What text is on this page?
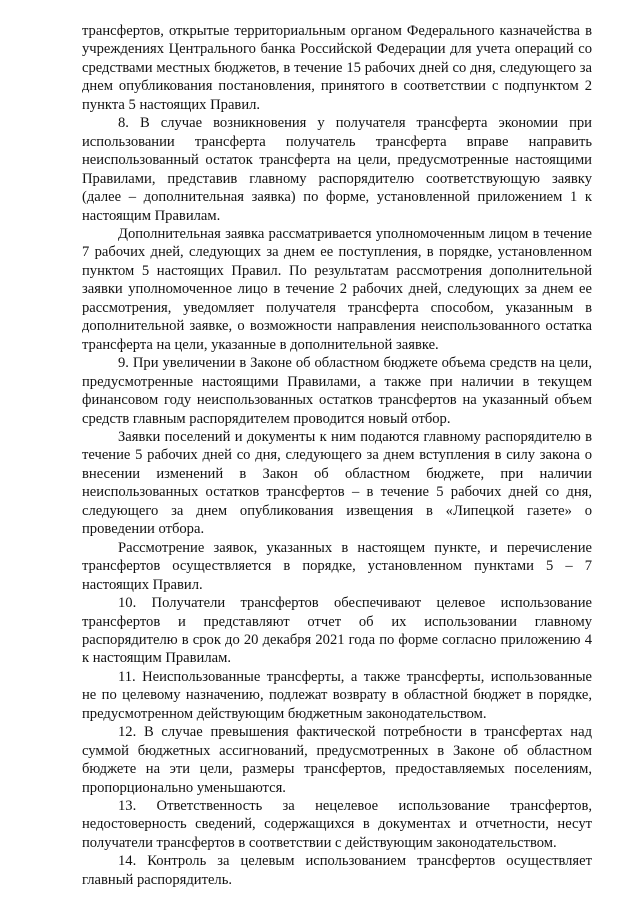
трансфертов, открытые территориальным органом Федерального казначейства в учреждениях Центрального банка Российской Федерации для учета операций со средствами местных бюджетов, в течение 15 рабочих дней со дня, следующего за днем опубликования постановления, принятого в соответствии с подпунктом 2 пункта 5 настоящих Правил.

8. В случае возникновения у получателя трансферта экономии при использовании трансферта получатель трансферта вправе направить неиспользованный остаток трансферта на цели, предусмотренные настоящими Правилами, представив главному распорядителю соответствующую заявку (далее – дополнительная заявка) по форме, установленной приложением 1 к настоящим Правилам.

Дополнительная заявка рассматривается уполномоченным лицом в течение 7 рабочих дней, следующих за днем ее поступления, в порядке, установленном пунктом 5 настоящих Правил. По результатам рассмотрения дополнительной заявки уполномоченное лицо в течение 2 рабочих дней, следующих за днем ее рассмотрения, уведомляет получателя трансферта способом, указанным в дополнительной заявке, о возможности направления неиспользованного остатка трансферта на цели, указанные в дополнительной заявке.

9. При увеличении в Законе об областном бюджете объема средств на цели, предусмотренные настоящими Правилами, а также при наличии в текущем финансовом году неиспользованных остатков трансфертов на указанный объем средств главным распорядителем проводится новый отбор.

Заявки поселений и документы к ним подаются главному распорядителю в течение 5 рабочих дней со дня, следующего за днем вступления в силу закона о внесении изменений в Закон об областном бюджете, при наличии неиспользованных остатков трансфертов – в течение 5 рабочих дней со дня, следующего за днем опубликования извещения в «Липецкой газете» о проведении отбора.

Рассмотрение заявок, указанных в настоящем пункте, и перечисление трансфертов осуществляется в порядке, установленном пунктами 5 – 7 настоящих Правил.

10. Получатели трансфертов обеспечивают целевое использование трансфертов и представляют отчет об их использовании главному распорядителю в срок до 20 декабря 2021 года по форме согласно приложению 4 к настоящим Правилам.

11. Неиспользованные трансферты, а также трансферты, использованные не по целевому назначению, подлежат возврату в областной бюджет в порядке, предусмотренном действующим бюджетным законодательством.

12. В случае превышения фактической потребности в трансфертах над суммой бюджетных ассигнований, предусмотренных в Законе об областном бюджете на эти цели, размеры трансфертов, предоставляемых поселениям, пропорционально уменьшаются.

13. Ответственность за нецелевое использование трансфертов, недостоверность сведений, содержащихся в документах и отчетности, несут получатели трансфертов в соответствии с действующим законодательством.

14. Контроль за целевым использованием трансфертов осуществляет главный распорядитель.
